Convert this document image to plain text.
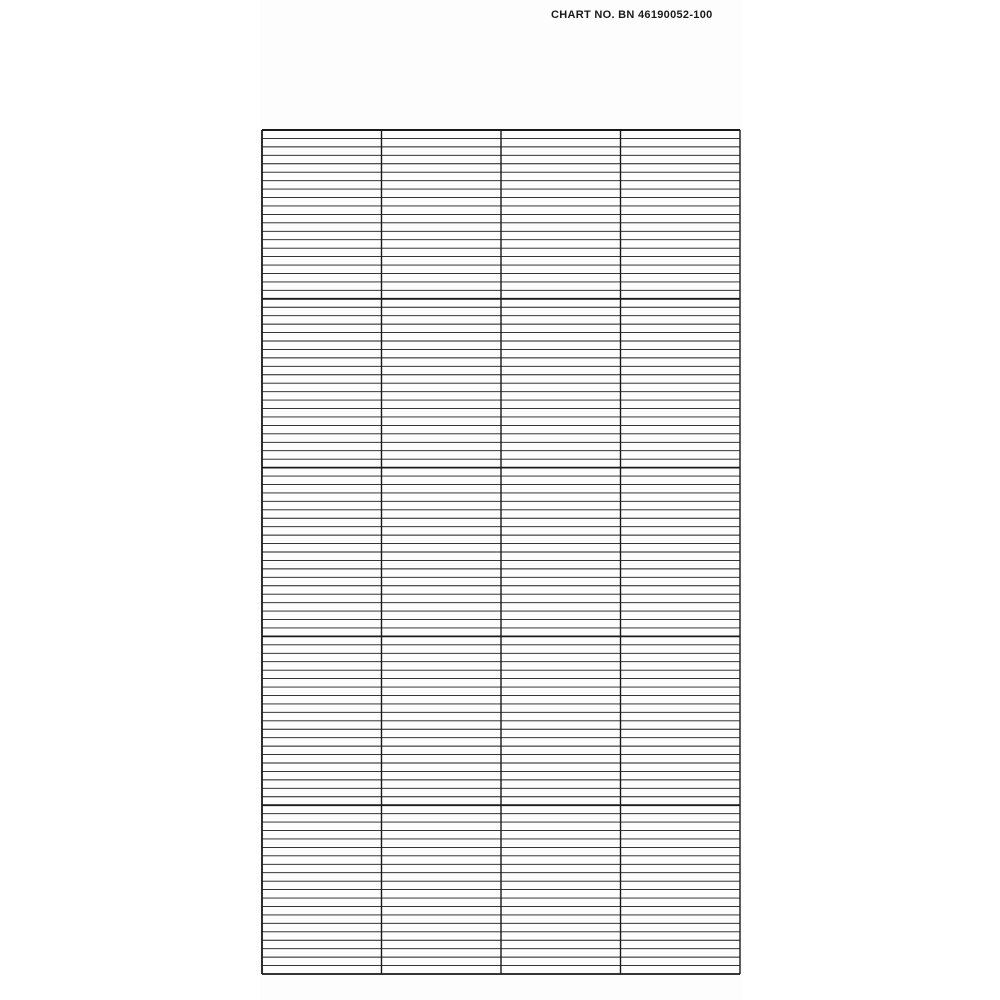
CHART NO. BN 46190052-100
